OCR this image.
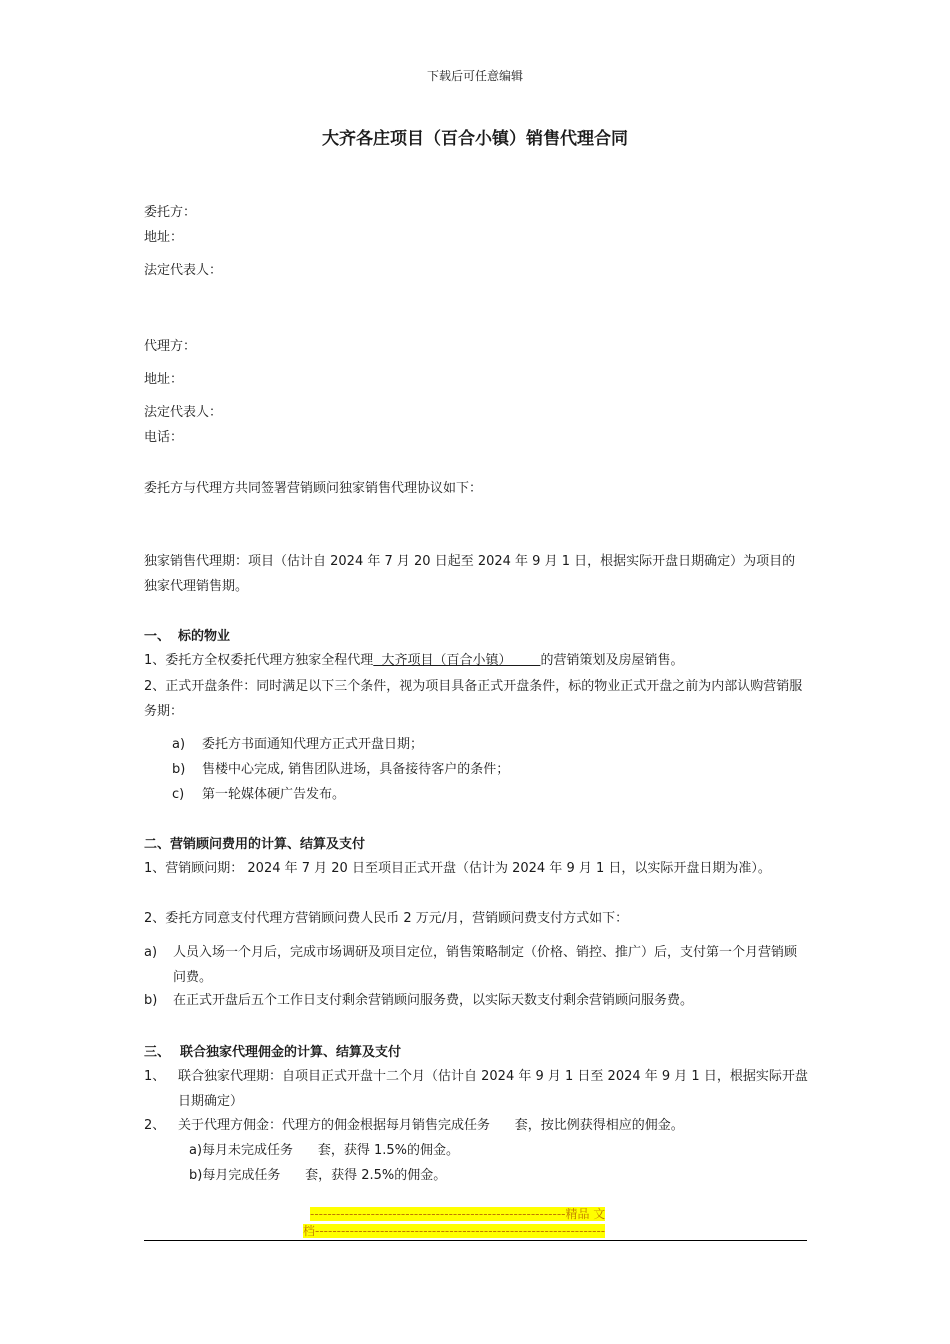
下载后可任意编辑
大齐各庄项目（百合小镇）销售代理合同
委托方：
地址：
法定代表人：
代理方：
地址：
法定代表人：
电话：
委托方与代理方共同签署营销顾问独家销售代理协议如下：
独家销售代理期：项目（估计自 2024 年 7 月 20 日起至 2024 年 9 月 1 日，根据实际开盘日期确定）为项目的独家代理销售期。
一、 标的物业
1、委托方全权委托代理方独家全程代理  大齐项目（百合小镇）       的营销策划及房屋销售。
2、正式开盘条件：同时满足以下三个条件，视为项目具备正式开盘条件，标的物业正式开盘之前为内部认购营销服务期：
a) 委托方书面通知代理方正式开盘日期；
b) 售楼中心完成, 销售团队进场，具备接待客户的条件；
c) 第一轮媒体硬广告发布。
二、营销顾问费用的计算、结算及支付
1、营销顾问期： 2024 年 7 月 20 日至项目正式开盘（估计为 2024 年 9 月 1 日，以实际开盘日期为准）。
2、委托方同意支付代理方营销顾问费人民币 2 万元/月，营销顾问费支付方式如下：
a) 人员入场一个月后，完成市场调研及项目定位，销售策略制定（价格、销控、推广）后，支付第一个月营销顾问费。
b) 在正式开盘后五个工作日支付剩余营销顾问服务费，以实际天数支付剩余营销顾问服务费。
三、 联合独家代理佣金的计算、结算及支付
1、 联合独家代理期：自项目正式开盘十二个月（估计自 2024 年 9 月 1 日至 2024 年 9 月 1 日，根据实际开盘日期确定）
2、 关于代理方佣金：代理方的佣金根据每月销售完成任务      套，按比例获得相应的佣金。
a)每月未完成任务      套，获得 1.5%的佣金。
b)每月完成任务      套，获得 2.5%的佣金。
-----------------------------------------------------------精品 文
档-------------------------------------------------------------------
